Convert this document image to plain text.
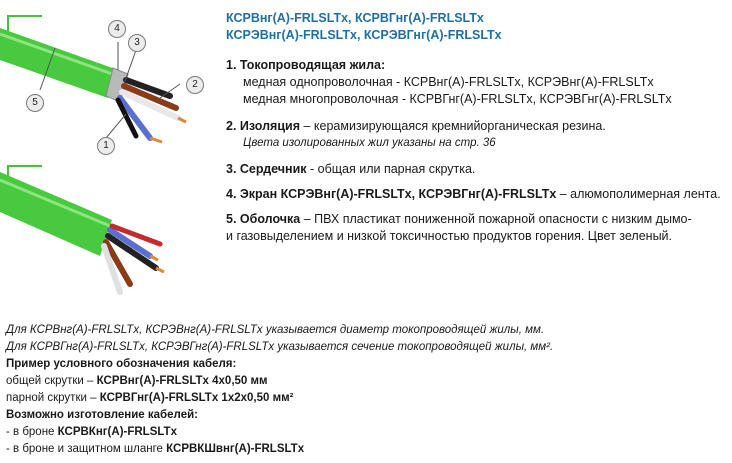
1
2
3
4
5
КСРВнг(А)-FRLSLTx, КСРВГнг(А)-FRLSLTx
КСРЭВнг(А)-FRLSLTx, КСРЭВГнг(А)-FRLSLTx
1. Токопроводящая жила:
медная однопроволочная - КСРВнг(А)-FRLSLTx, КСРЭВнг(А)-FRLSLTx
медная многопроволочная - КСРВГнг(А)-FRLSLTx, КСРЭВГнг(А)-FRLSLTx
2. Изоляция – керамизирующаяся кремнийорганическая резина.
Цвета изолированных жил указаны на стр. 36
3. Сердечник - общая или парная скрутка.
4. Экран КСРЭВнг(А)-FRLSLTx, КСРЭВГнг(А)-FRLSLTx – алюмополимерная лента.
5. Оболочка – ПВХ пластикат пониженной пожарной опасности с низким дымо-
и газовыделением и низкой токсичностью продуктов горения. Цвет зеленый.
Для КСРВнг(А)-FRLSLTx, КСРЭВнг(А)-FRLSLTx указывается диаметр токопроводящей жилы, мм.
Для КСРВГнг(А)-FRLSLTx, КСРЭВГнг(А)-FRLSLTx указывается сечение токопроводящей жилы, мм².
Пример условного обозначения кабеля:
общей скрутки – КСРВнг(А)-FRLSLTx 4х0,50 мм
парной скрутки – КСРВГнг(А)-FRLSLTx 1х2х0,50 мм²
Возможно изготовление кабелей:
- в броне КСРВКнг(А)-FRLSLTx
- в броне и защитном шланге КСРВКШвнг(А)-FRLSLTx
